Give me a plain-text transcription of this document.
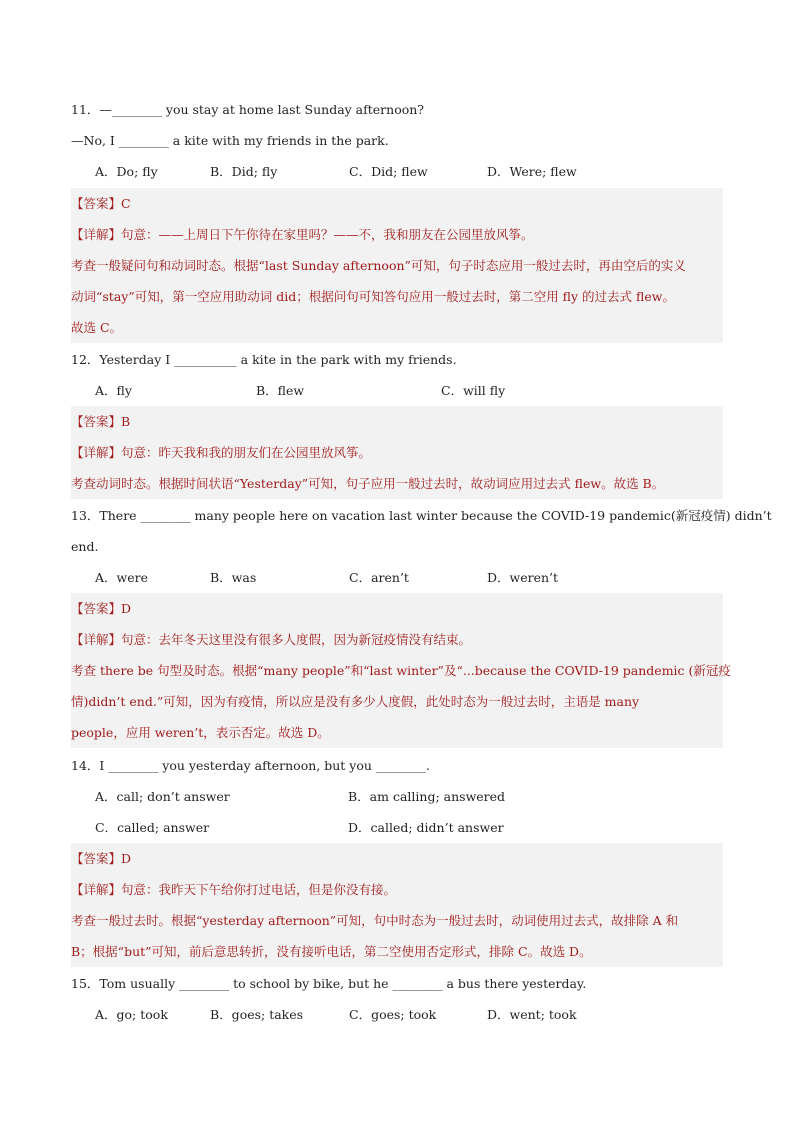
11．—________ you stay at home last Sunday afternoon?
—No, I ________ a kite with my friends in the park.
A．Do; fly	B．Did; fly	C．Did; flew	D．Were; flew
【答案】C
【详解】句意：——上周日下午你待在家里吗？——不，我和朋友在公园里放风筝。
考查一般疑问句和动词时态。根据“last Sunday afternoon”可知，句子时态应用一般过去时，再由空后的实义
动词“stay”可知，第一空应用助动词 did；根据问句可知答句应用一般过去时，第二空用 fly 的过去式 flew。
故选 C。
12．Yesterday I __________ a kite in the park with my friends.
A．fly	B．flew	C．will fly
【答案】B
【详解】句意：昨天我和我的朋友们在公园里放风筝。
考查动词时态。根据时间状语“Yesterday”可知，句子应用一般过去时，故动词应用过去式 flew。故选 B。
13．There ________ many people here on vacation last winter because the COVID-19 pandemic(新冠疫情) didn’t
end.
A．were	B．was	C．aren’t	D．weren’t
【答案】D
【详解】句意：去年冬天这里没有很多人度假，因为新冠疫情没有结束。
考查 there be 句型及时态。根据“many people”和“last winter”及“...because the COVID-19 pandemic (新冠疫
情)didn’t end.”可知，因为有疫情，所以应是没有多少人度假，此处时态为一般过去时，主语是 many
people，应用 weren’t，表示否定。故选 D。
14．I ________ you yesterday afternoon, but you ________.
A．call; don’t answer	B．am calling; answered
C．called; answer	D．called; didn’t answer
【答案】D
【详解】句意：我昨天下午给你打过电话，但是你没有接。
考查一般过去时。根据“yesterday afternoon”可知，句中时态为一般过去时，动词使用过去式，故排除 A 和
B；根据“but”可知，前后意思转折，没有接听电话，第二空使用否定形式，排除 C。故选 D。
15．Tom usually ________ to school by bike, but he ________ a bus there yesterday.
A．go; took	B．goes; takes	C．goes; took	D．went; took
